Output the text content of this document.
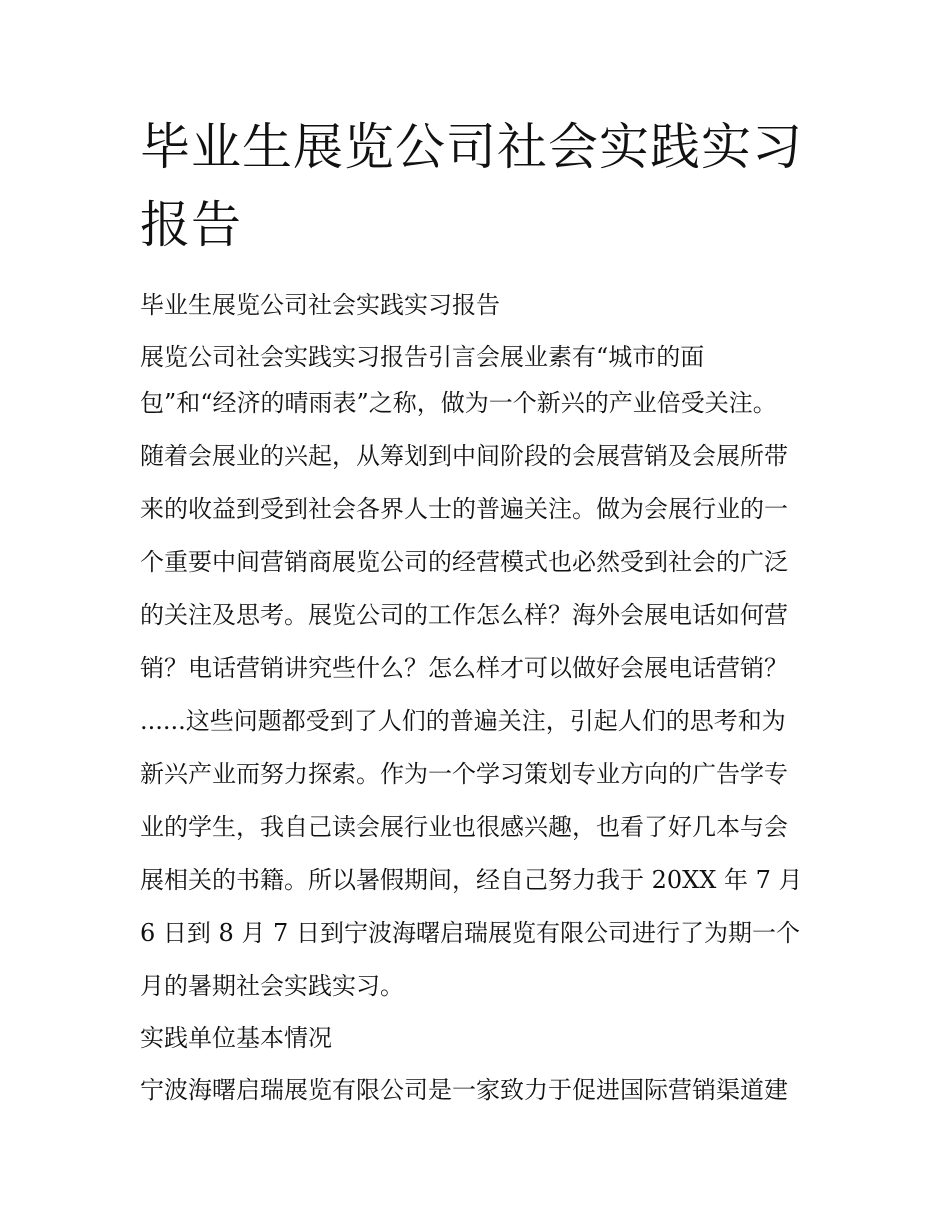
毕业生展览公司社会实践实习
报告

毕业生展览公司社会实践实习报告

展览公司社会实践实习报告引言会展业素有“城市的面
包”和“经济的晴雨表”之称，做为一个新兴的产业倍受关注。
随着会展业的兴起，从筹划到中间阶段的会展营销及会展所带
来的收益到受到社会各界人士的普遍关注。做为会展行业的一
个重要中间营销商展览公司的经营模式也必然受到社会的广泛
的关注及思考。展览公司的工作怎么样？海外会展电话如何营
销？电话营销讲究些什么？怎么样才可以做好会展电话营销？
......这些问题都受到了人们的普遍关注，引起人们的思考和为
新兴产业而努力探索。作为一个学习策划专业方向的广告学专
业的学生，我自己读会展行业也很感兴趣，也看了好几本与会
展相关的书籍。所以暑假期间，经自己努力我于 20XX 年 7 月
6 日到 8 月 7 日到宁波海曙启瑞展览有限公司进行了为期一个
月的暑期社会实践实习。

实践单位基本情况

宁波海曙启瑞展览有限公司是一家致力于促进国际营销渠道建
